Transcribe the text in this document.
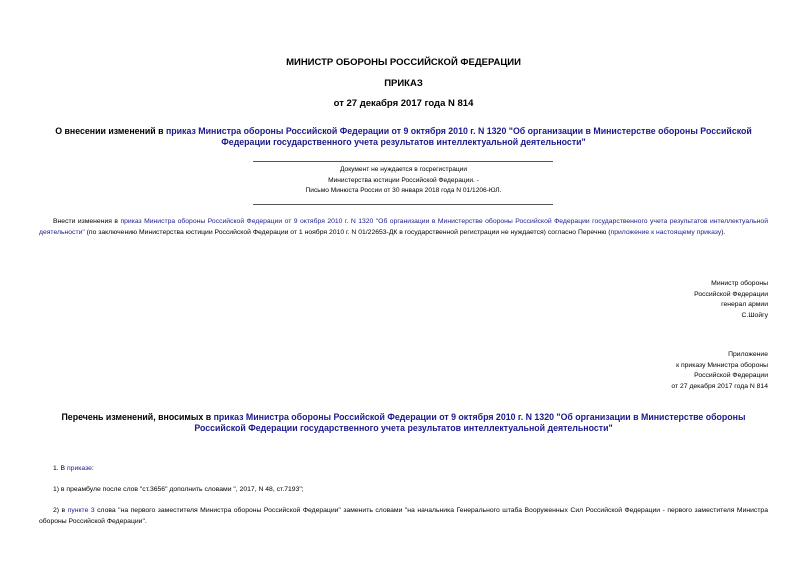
МИНИСТР ОБОРОНЫ РОССИЙСКОЙ ФЕДЕРАЦИИ
ПРИКАЗ
от 27 декабря 2017 года N 814
О внесении изменений в приказ Министра обороны Российской Федерации от 9 октября 2010 г. N 1320 "Об организации в Министерстве обороны Российской Федерации государственного учета результатов интеллектуальной деятельности"
Документ не нуждается в госрегистрации
Министерства юстиции Российской Федерации. -
Письмо Минюста России от 30 января 2018 года N 01/1206-ЮЛ.
Внести изменения в приказ Министра обороны Российской Федерации от 9 октября 2010 г. N 1320 "Об организации в Министерстве обороны Российской Федерации государственного учета результатов интеллектуальной деятельности" (по заключению Министерства юстиции Российской Федерации от 1 ноября 2010 г. N 01/22653-ДК в государственной регистрации не нуждается) согласно Перечню (приложение к настоящему приказу).
Министр обороны
Российской Федерации
генерал армии
С.Шойгу
Приложение
к приказу Министра обороны
Российской Федерации
от 27 декабря 2017 года N 814
Перечень изменений, вносимых в приказ Министра обороны Российской Федерации от 9 октября 2010 г. N 1320 "Об организации в Министерстве обороны Российской Федерации государственного учета результатов интеллектуальной деятельности"
1. В приказе:
1) в преамбуле после слов "ст.3656" дополнить словами ", 2017, N 48, ст.7193";
2) в пункте 3 слова "на первого заместителя Министра обороны Российской Федерации" заменить словами "на начальника Генерального штаба Вооруженных Сил Российской Федерации - первого заместителя Министра обороны Российской Федерации".
